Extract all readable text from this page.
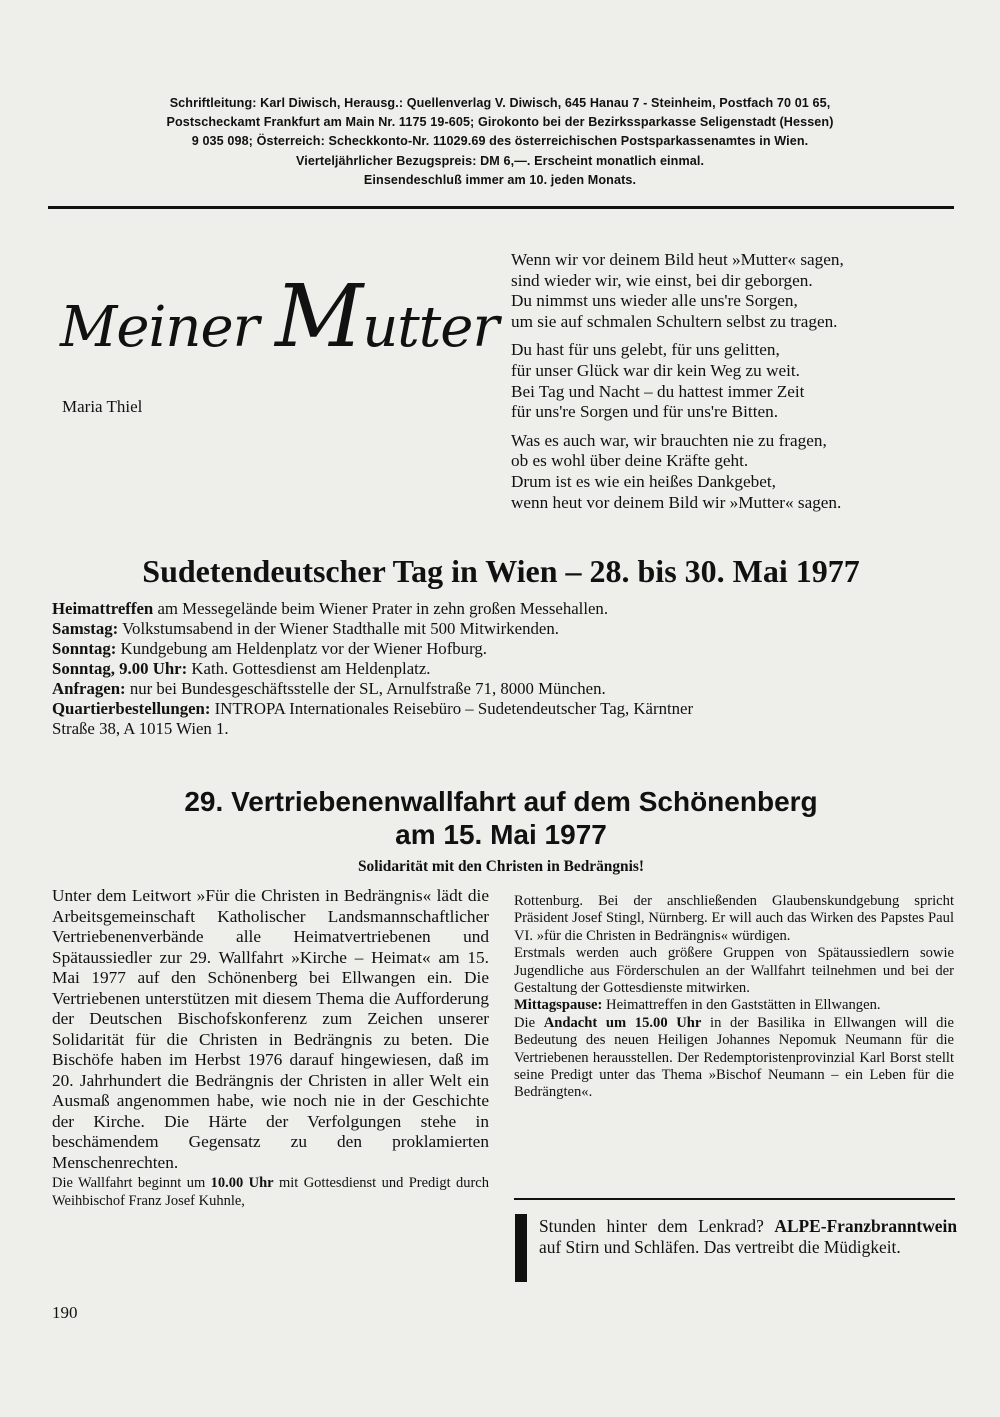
Schriftleitung: Karl Diwisch, Herausg.: Quellenverlag V. Diwisch, 645 Hanau 7 - Steinheim, Postfach 70 01 65,
Postscheckamt Frankfurt am Main Nr. 1175 19-605; Girokonto bei der Bezirkssparkasse Seligenstadt (Hessen)
9 035 098; Österreich: Scheckkonto-Nr. 11029.69 des österreichischen Postsparkassenamtes in Wien.
Vierteljährlicher Bezugspreis: DM 6,—. Erscheint monatlich einmal.
Einsendeschluß immer am 10. jeden Monats.
Meiner Mutter
Maria Thiel
Wenn wir vor deinem Bild heut »Mutter« sagen,
sind wieder wir, wie einst, bei dir geborgen.
Du nimmst uns wieder alle uns're Sorgen,
um sie auf schmalen Schultern selbst zu tragen.
Du hast für uns gelebt, für uns gelitten,
für unser Glück war dir kein Weg zu weit.
Bei Tag und Nacht – du hattest immer Zeit
für uns're Sorgen und für uns're Bitten.
Was es auch war, wir brauchten nie zu fragen,
ob es wohl über deine Kräfte geht.
Drum ist es wie ein heißes Dankgebet,
wenn heut vor deinem Bild wir »Mutter« sagen.
Sudetendeutscher Tag in Wien – 28. bis 30. Mai 1977
Heimattreffen am Messegelände beim Wiener Prater in zehn großen Messehallen.
Samstag: Volkstumsabend in der Wiener Stadthalle mit 500 Mitwirkenden.
Sonntag: Kundgebung am Heldenplatz vor der Wiener Hofburg.
Sonntag, 9.00 Uhr: Kath. Gottesdienst am Heldenplatz.
Anfragen: nur bei Bundesgeschäftsstelle der SL, Arnulfstraße 71, 8000 München.
Quartierbestellungen: INTROPA Internationales Reisebüro – Sudetendeutscher Tag, Kärntner
Straße 38, A 1015 Wien 1.
29. Vertriebenenwallfahrt auf dem Schönenberg
am 15. Mai 1977
Solidarität mit den Christen in Bedrängnis!
Unter dem Leitwort »Für die Christen in Bedrängnis« lädt die Arbeitsgemeinschaft Katholischer Landsmannschaftlicher Vertriebenenverbände alle Heimatvertriebenen und Spätaussiedler zur 29. Wallfahrt »Kirche – Heimat« am 15. Mai 1977 auf den Schönenberg bei Ellwangen ein. Die Vertriebenen unterstützen mit diesem Thema die Aufforderung der Deutschen Bischofskonferenz zum Zeichen unserer Solidarität für die Christen in Bedrängnis zu beten. Die Bischöfe haben im Herbst 1976 darauf hingewiesen, daß im 20. Jahrhundert die Bedrängnis der Christen in aller Welt ein Ausmaß angenommen habe, wie noch nie in der Geschichte der Kirche. Die Härte der Verfolgungen stehe in beschämendem Gegensatz zu den proklamierten Menschenrechten.
Die Wallfahrt beginnt um 10.00 Uhr mit Gottesdienst und Predigt durch Weihbischof Franz Josef Kuhnle,

Rottenburg. Bei der anschließenden Glaubenskundgebung spricht Präsident Josef Stingl, Nürnberg. Er will auch das Wirken des Papstes Paul VI. »für die Christen in Bedrängnis« würdigen.

Erstmals werden auch größere Gruppen von Spätaussiedlern sowie Jugendliche aus Förderschulen an der Wallfahrt teilnehmen und bei der Gestaltung der Gottesdienste mitwirken.

Mittagspause: Heimattreffen in den Gaststätten in Ellwangen.

Die Andacht um 15.00 Uhr in der Basilika in Ellwangen will die Bedeutung des neuen Heiligen Johannes Nepomuk Neumann für die Vertriebenen herausstellen. Der Redemptoristenprovinzial Karl Borst stellt seine Predigt unter das Thema »Bischof Neumann – ein Leben für die Bedrängten«.

Stunden hinter dem Lenkrad? ALPE-Franzbranntwein auf Stirn und Schläfen. Das vertreibt die Müdigkeit.
190
